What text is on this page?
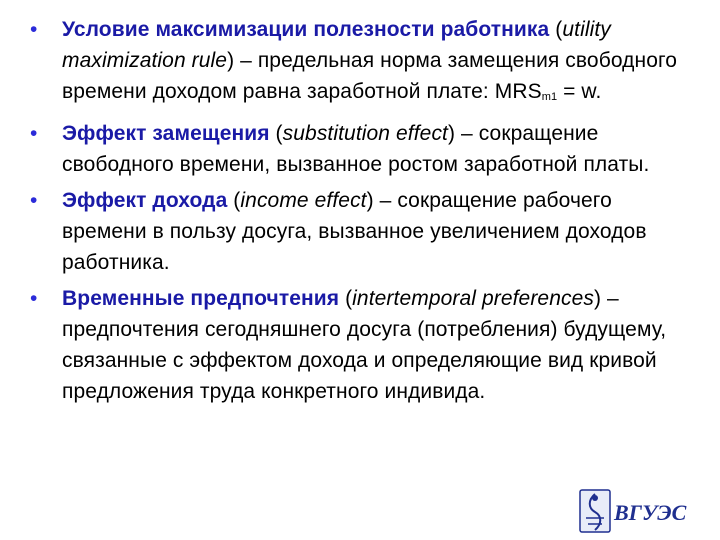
• Условие максимизации полезности работника (utility maximization rule) – предельная норма замещения свободного времени доходом равна заработной плате: $MRS_{m1} = w$.
• Эффект замещения (substitution effect) – сокращение свободного времени, вызванное ростом заработной платы.
• Эффект дохода (income effect) – сокращение рабочего времени в пользу досуга, вызванное увеличением доходов работника.
• Временные предпочтения (intertemporal preferences) – предпочтения сегодняшнего досуга (потребления) будущему, связанные с эффектом дохода и определяющие вид кривой предложения труда конкретного индивида.
ВГУЭС
